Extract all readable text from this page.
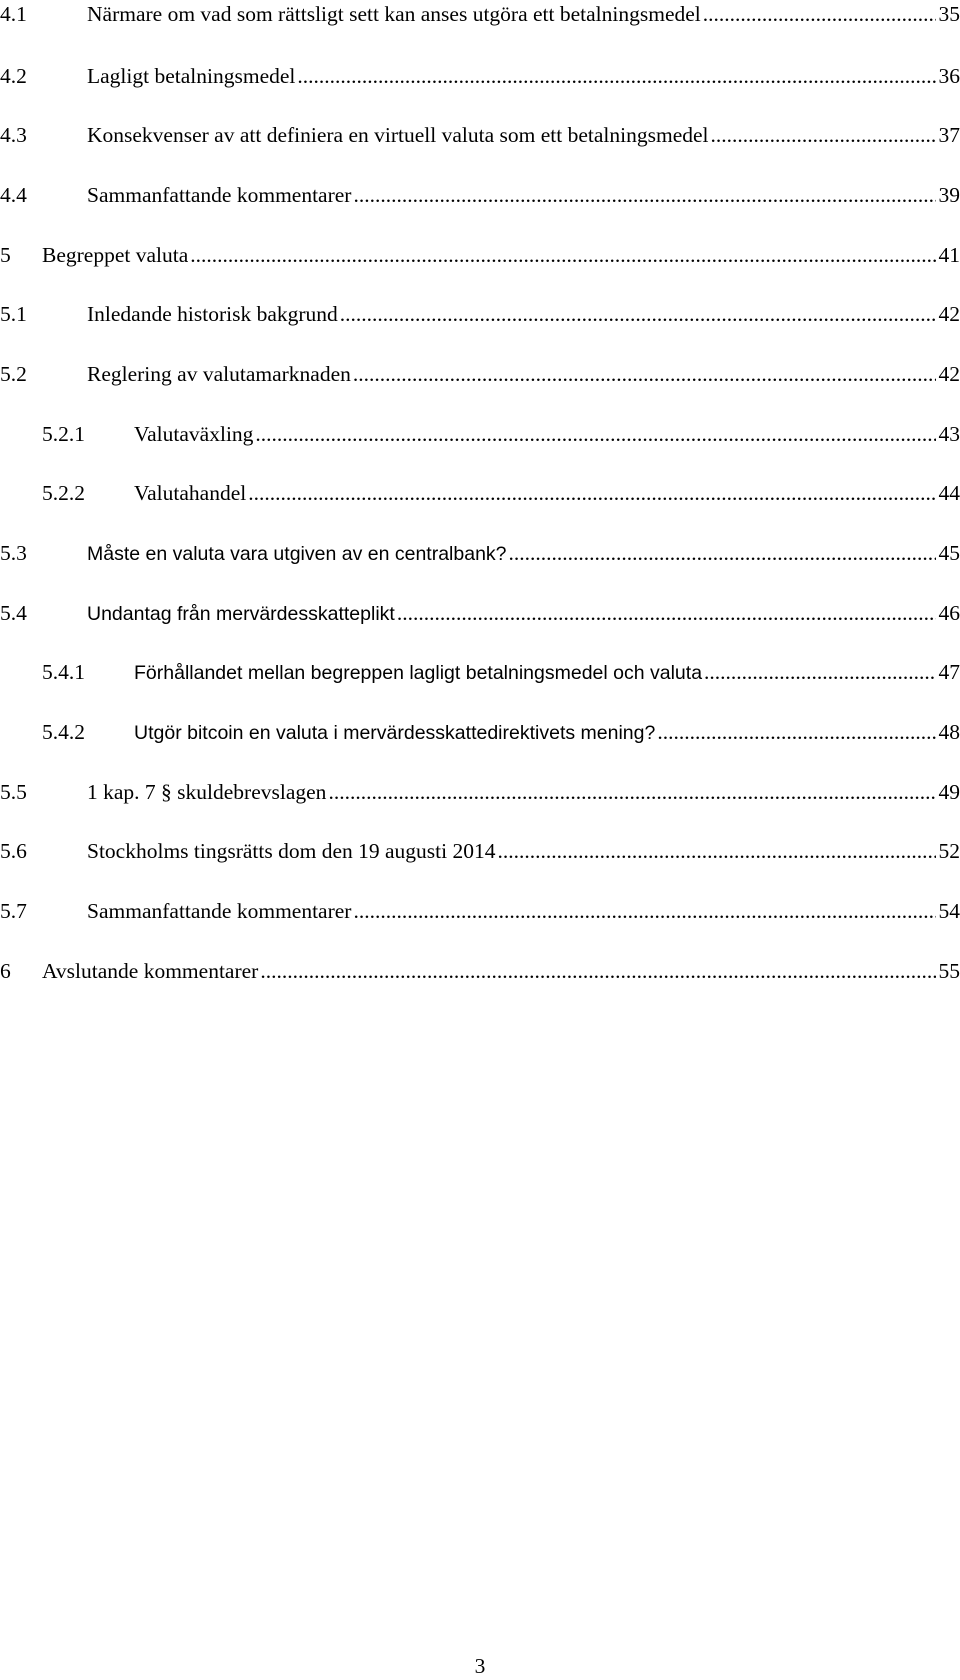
4.1	Närmare om vad som rättsligt sett kan anses utgöra ett betalningsmedel .....	35
4.2	Lagligt betalningsmedel .....	36
4.3	Konsekvenser av att definiera en virtuell valuta som ett betalningsmedel .....	37
4.4	Sammanfattande kommentarer .....	39
5	Begreppet valuta .....	41
5.1	Inledande historisk bakgrund .....	42
5.2	Reglering av valutamarknaden .....	42
5.2.1	Valutaväxling .....	43
5.2.2	Valutahandel .....	44
5.3	Måste en valuta vara utgiven av en centralbank? .....	45
5.4	Undantag från mervärdesskatteplikt .....	46
5.4.1	Förhållandet mellan begreppen lagligt betalningsmedel och valuta .....	47
5.4.2	Utgör bitcoin en valuta i mervärdesskattedirektivets mening? .....	48
5.5	1 kap. 7 § skuldebrevslagen .....	49
5.6	Stockholms tingsrätts dom den 19 augusti 2014 .....	52
5.7	Sammanfattande kommentarer .....	54
6	Avslutande kommentarer .....	55
3
